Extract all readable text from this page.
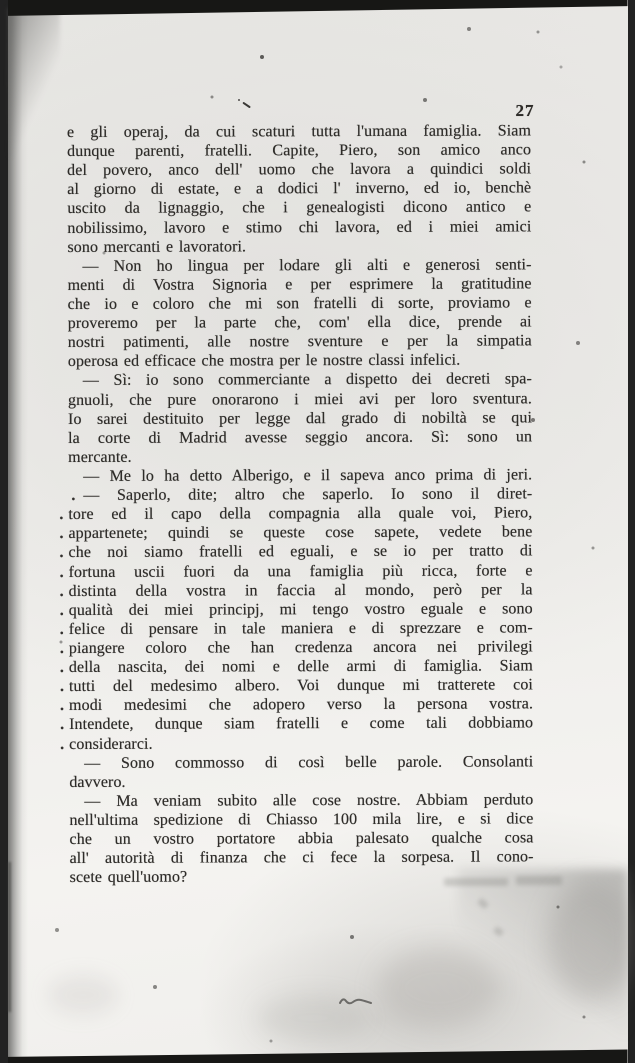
27
e gli operaj, da cui scaturi tutta l'umana famiglia. Siam
dunque parenti, fratelli. Capite, Piero, son amico anco
del povero, anco dell' uomo che lavora a quindici soldi
al giorno di estate, e a dodici l' inverno, ed io, benchè
uscito da lignaggio, che i genealogisti dicono antico e
nobilissimo, lavoro e stimo chi lavora, ed i miei amici
sono mercanti e lavoratori.
— Non ho lingua per lodare gli alti e generosi senti-
menti di Vostra Signoria e per esprimere la gratitudine
che io e coloro che mi son fratelli di sorte, proviamo e
proveremo per la parte che, com' ella dice, prende ai
nostri patimenti, alle nostre sventure e per la simpatia
operosa ed efficace che mostra per le nostre classi infelici.
— Sì: io sono commerciante a dispetto dei decreti spa-
gnuoli, che pure onorarono i miei avi per loro sventura.
Io sarei destituito per legge dal grado di nobiltà se qui
la corte di Madrid avesse seggio ancora. Sì: sono un
mercante.
— Me lo ha detto Alberigo, e il sapeva anco prima di jeri.
. — Saperlo, dite; altro che saperlo. Io sono il diret-
. tore ed il capo della compagnia alla quale voi, Piero,
. appartenete; quindi se queste cose sapete, vedete bene
. che noi siamo fratelli ed eguali, e se io per tratto di
. fortuna uscii fuori da una famiglia più ricca, forte e
. distinta della vostra in faccia al mondo, però per la
. qualità dei miei principj, mi tengo vostro eguale e sono
. felice di pensare in tale maniera e di sprezzare e com-
. piangere coloro che han credenza ancora nei privilegi
. della nascita, dei nomi e delle armi di famiglia. Siam
. tutti del medesimo albero. Voi dunque mi tratterete coi
. modi medesimi che adopero verso la persona vostra.
. Intendete, dunque siam fratelli e come tali dobbiamo
. considerarci.
— Sono commosso di così belle parole. Consolanti
davvero.
— Ma veniam subito alle cose nostre. Abbiam perduto
nell'ultima spedizione di Chiasso 100 mila lire, e si dice
che un vostro portatore abbia palesato qualche cosa
all' autorità di finanza che ci fece la sorpesa. Il cono-
scete quell'uomo?
